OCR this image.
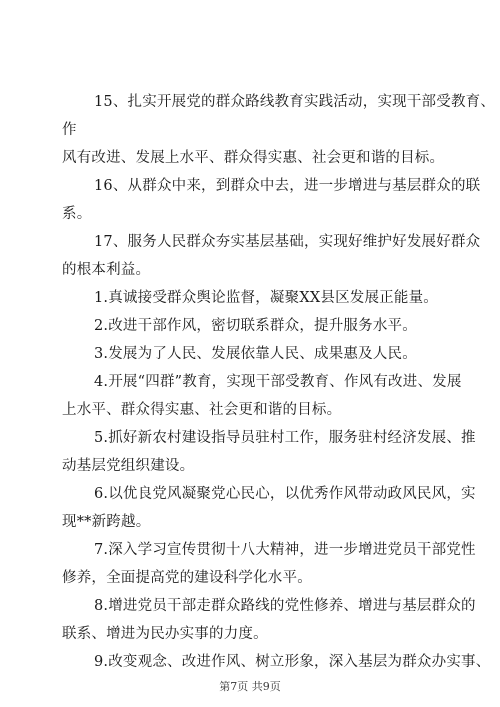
15、扎实开展党的群众路线教育实践活动，实现干部受教育、
作
风有改进、发展上水平、群众得实惠、社会更和谐的目标。
16、从群众中来，到群众中去，进一步增进与基层群众的联
系。
17、服务人民群众夯实基层基础，实现好维护好发展好群众
的根本利益。
1.真诚接受群众舆论监督，凝聚XX县区发展正能量。
2.改进干部作风，密切联系群众，提升服务水平。
3.发展为了人民、发展依靠人民、成果惠及人民。
4.开展“四群”教育，实现干部受教育、作风有改进、发展
上水平、群众得实惠、社会更和谐的目标。
5.抓好新农村建设指导员驻村工作，服务驻村经济发展、推
动基层党组织建设。
6.以优良党风凝聚党心民心，以优秀作风带动政风民风，实
现**新跨越。
7.深入学习宣传贯彻十八大精神，进一步增进党员干部党性
修养，全面提高党的建设科学化水平。
8.增进党员干部走群众路线的党性修养、增进与基层群众的
联系、增进为民办实事的力度。
9.改变观念、改进作风、树立形象，深入基层为群众办实事、
第7页 共9页
